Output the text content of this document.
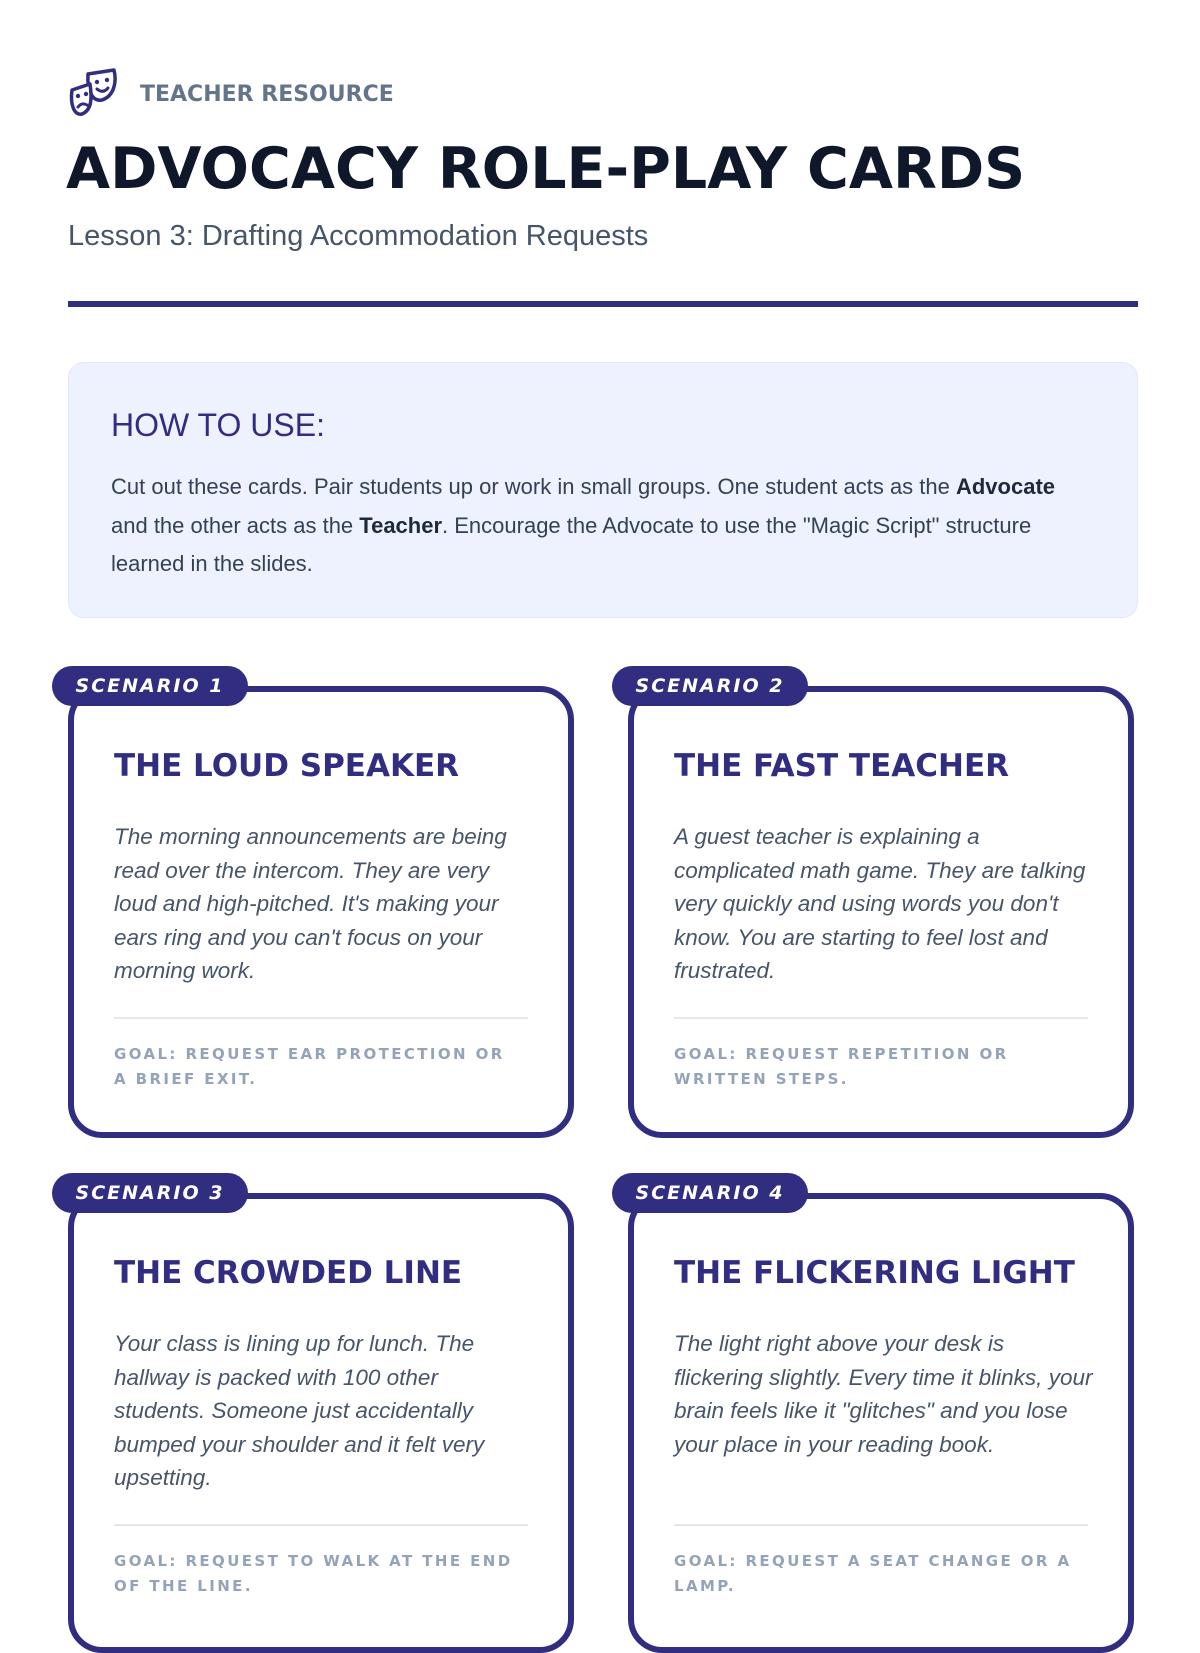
TEACHER RESOURCE
ADVOCACY ROLE-PLAY CARDS

Lesson 3: Drafting Accommodation Requests

HOW TO USE:

Cut out these cards. Pair students up or work in small groups. One student acts as the Advocate and the other acts as the Teacher. Encourage the Advocate to use the "Magic Script" structure learned in the slides.

SCENARIO 1
THE LOUD SPEAKER

The morning announcements are being read over the intercom. They are very loud and high-pitched. It's making your ears ring and you can't focus on your morning work.

GOAL: REQUEST EAR PROTECTION OR A BRIEF EXIT.

SCENARIO 2
THE FAST TEACHER

A guest teacher is explaining a complicated math game. They are talking very quickly and using words you don't know. You are starting to feel lost and frustrated.

GOAL: REQUEST REPETITION OR WRITTEN STEPS.

SCENARIO 3
THE CROWDED LINE

Your class is lining up for lunch. The hallway is packed with 100 other students. Someone just accidentally bumped your shoulder and it felt very upsetting.

GOAL: REQUEST TO WALK AT THE END OF THE LINE.

SCENARIO 4
THE FLICKERING LIGHT

The light right above your desk is flickering slightly. Every time it blinks, your brain feels like it "glitches" and you lose your place in your reading book.

GOAL: REQUEST A SEAT CHANGE OR A LAMP.
